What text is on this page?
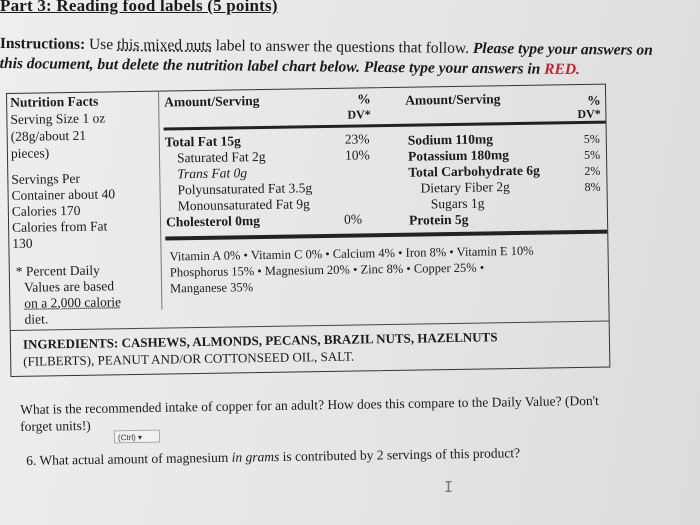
Part 3: Reading food labels (5 points)
Instructions: Use this mixed nuts label to answer the questions that follow. Please type your answers on this document, but delete the nutrition label chart below. Please type your answers in RED.
Nutrition Facts
Serving Size 1 oz
(28g/about 21
pieces)
Servings Per
Container about 40
Calories 170
Calories from Fat
130
* Percent Daily
Values are based
on a 2,000 calorie
diet.
Amount/Serving	%
DV*
Amount/Serving	%
DV*
Total Fat 15g	23%
Saturated Fat 2g	10%
Trans Fat 0g
Polyunsaturated Fat 3.5g
Monounsaturated Fat 9g
Cholesterol 0mg	0%
Sodium 110mg	5%
Potassium 180mg	5%
Total Carbohydrate 6g	2%
Dietary Fiber 2g	8%
Sugars 1g
Protein 5g
Vitamin A 0% • Vitamin C 0% • Calcium 4% • Iron 8% • Vitamin E 10%
Phosphorus 15% • Magnesium 20% • Zinc 8% • Copper 25% •
Manganese 35%
INGREDIENTS: CASHEWS, ALMONDS, PECANS, BRAZIL NUTS, HAZELNUTS
(FILBERTS), PEANUT AND/OR COTTONSEED OIL, SALT.
What is the recommended intake of copper for an adult? How does this compare to the Daily Value? (Don't
forget units!)
(Ctrl) ▾
6. What actual amount of magnesium in grams is contributed by 2 servings of this product?
I
